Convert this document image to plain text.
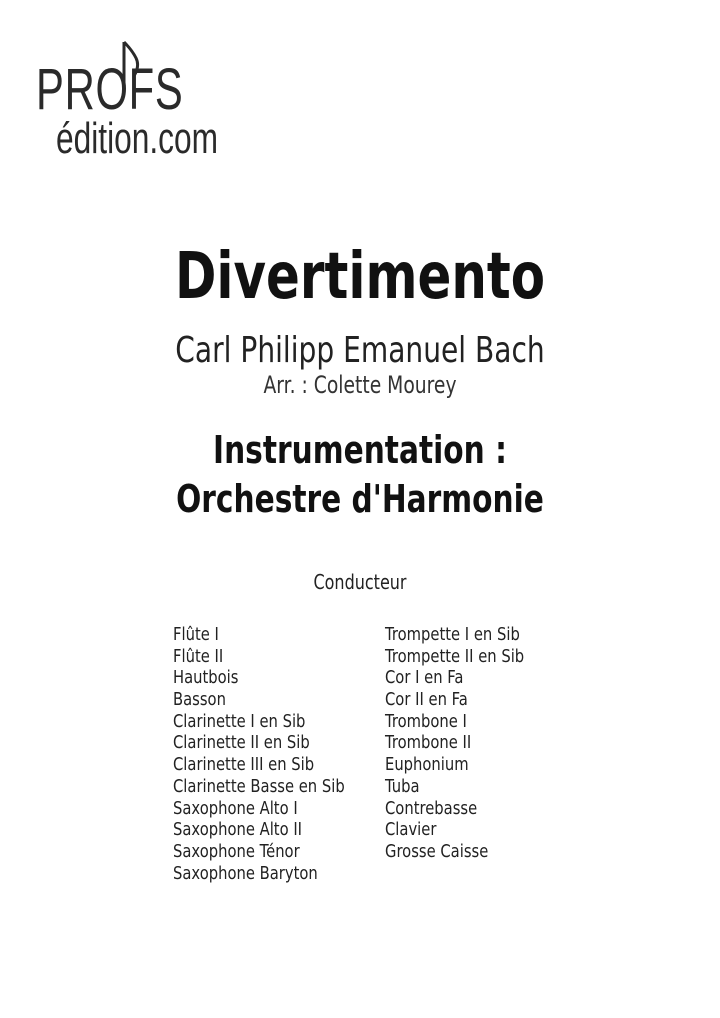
PROFS
édition.com
Divertimento
Carl Philipp Emanuel Bach
Arr. : Colette Mourey
Instrumentation :
Orchestre d'Harmonie
Conducteur
Flûte I
Flûte II
Hautbois
Basson
Clarinette I en Sib
Clarinette II en Sib
Clarinette III en Sib
Clarinette Basse en Sib
Saxophone Alto I
Saxophone Alto II
Saxophone Ténor
Saxophone Baryton
Trompette I en Sib
Trompette II en Sib
Cor I en Fa
Cor II en Fa
Trombone I
Trombone II
Euphonium
Tuba
Contrebasse
Clavier
Grosse Caisse
